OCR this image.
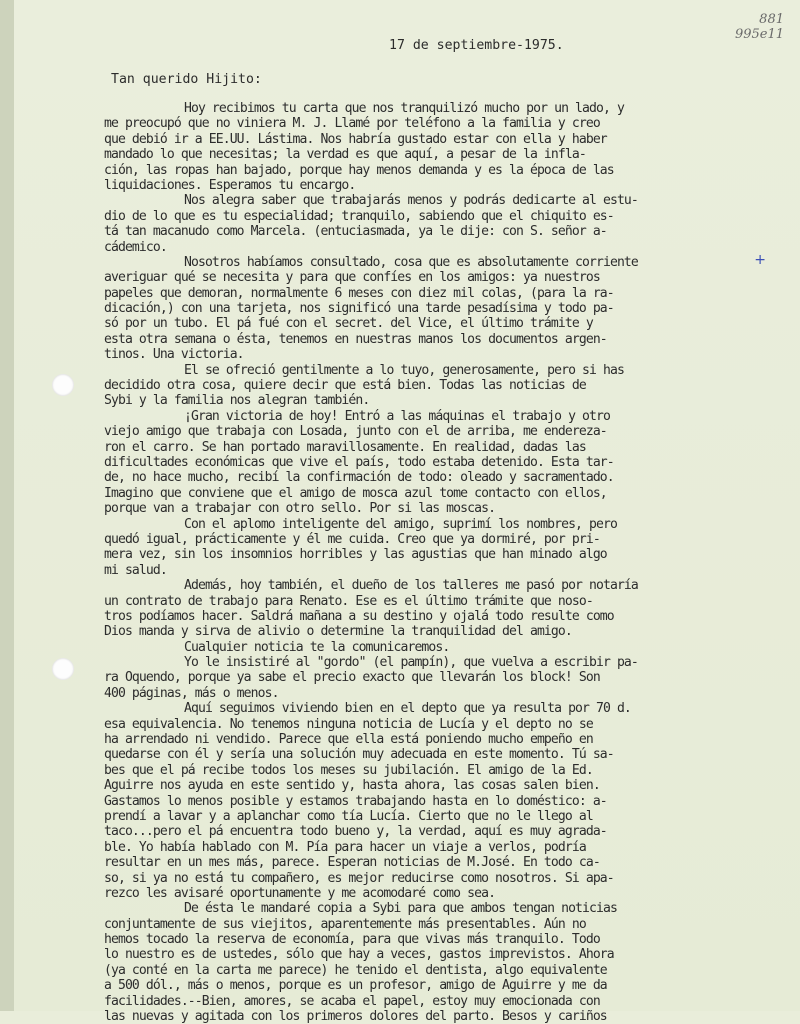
881
995e11
17 de septiembre-1975.
Tan querido Hijito:
+
Hoy recibimos tu carta que nos tranquilizó mucho por un lado, y
me preocupó que no viniera M. J. Llamé por teléfono a la familia y creo
que debió ir a EE.UU. Lástima. Nos habría gustado estar con ella y haber
mandado lo que necesitas; la verdad es que aquí, a pesar de la infla-
ción, las ropas han bajado, porque hay menos demanda y es la época de las
liquidaciones. Esperamos tu encargo.
Nos alegra saber que trabajarás menos y podrás dedicarte al estu-
dio de lo que es tu especialidad; tranquilo, sabiendo que el chiquito es-
tá tan macanudo como Marcela. (entuciasmada, ya le dije: con S. señor a-
cádemico.
Nosotros habíamos consultado, cosa que es absolutamente corriente
averiguar qué se necesita y para que confíes en los amigos: ya nuestros
papeles que demoran, normalmente 6 meses con diez mil colas, (para la ra-
dicación,) con una tarjeta, nos significó una tarde pesadísima y todo pa-
só por un tubo. El pá fué con el secret. del Vice, el último trámite y
esta otra semana o ésta, tenemos en nuestras manos los documentos argen-
tinos. Una victoria.
El se ofreció gentilmente a lo tuyo, generosamente, pero si has
decidido otra cosa, quiere decir que está bien. Todas las noticias de
Sybi y la familia nos alegran también.
¡Gran victoria de hoy! Entró a las máquinas el trabajo y otro
viejo amigo que trabaja con Losada, junto con el de arriba, me endereza-
ron el carro. Se han portado maravillosamente. En realidad, dadas las
dificultades económicas que vive el país, todo estaba detenido. Esta tar-
de, no hace mucho, recibí la confirmación de todo: oleado y sacramentado.
Imagino que conviene que el amigo de mosca azul tome contacto con ellos,
porque van a trabajar con otro sello. Por si las moscas.
Con el aplomo inteligente del amigo, suprimí los nombres, pero
quedó igual, prácticamente y él me cuida. Creo que ya dormiré, por pri-
mera vez, sin los insomnios horribles y las agustias que han minado algo
mi salud.
Además, hoy también, el dueño de los talleres me pasó por notaría
un contrato de trabajo para Renato. Ese es el último trámite que noso-
tros podíamos hacer. Saldrá mañana a su destino y ojalá todo resulte como
Dios manda y sirva de alivio o determine la tranquilidad del amigo.
Cualquier noticia te la comunicaremos.
Yo le insistiré al "gordo" (el pampín), que vuelva a escribir pa-
ra Oquendo, porque ya sabe el precio exacto que llevarán los block! Son
400 páginas, más o menos.
Aquí seguimos viviendo bien en el depto que ya resulta por 70 d.
esa equivalencia. No tenemos ninguna noticia de Lucía y el depto no se
ha arrendado ni vendido. Parece que ella está poniendo mucho empeño en
quedarse con él y sería una solución muy adecuada en este momento. Tú sa-
bes que el pá recibe todos los meses su jubilación. El amigo de la Ed.
Aguirre nos ayuda en este sentido y, hasta ahora, las cosas salen bien.
Gastamos lo menos posible y estamos trabajando hasta en lo doméstico: a-
prendí a lavar y a aplanchar como tía Lucía. Cierto que no le llego al
taco...pero el pá encuentra todo bueno y, la verdad, aquí es muy agrada-
ble. Yo había hablado con M. Pía para hacer un viaje a verlos, podría
resultar en un mes más, parece. Esperan noticias de M.José. En todo ca-
so, si ya no está tu compañero, es mejor reducirse como nosotros. Si apa-
rezco les avisaré oportunamente y me acomodaré como sea.
De ésta le mandaré copia a Sybi para que ambos tengan noticias
conjuntamente de sus viejitos, aparentemente más presentables. Aún no
hemos tocado la reserva de economía, para que vivas más tranquilo. Todo
lo nuestro es de ustedes, sólo que hay a veces, gastos imprevistos. Ahora
(ya conté en la carta me parece) he tenido el dentista, algo equivalente
a 500 dól., más o menos, porque es un profesor, amigo de Aguirre y me da
facilidades.--Bien, amores, se acaba el papel, estoy muy emocionada con
las nuevas y agitada con los primeros dolores del parto. Besos y cariños
